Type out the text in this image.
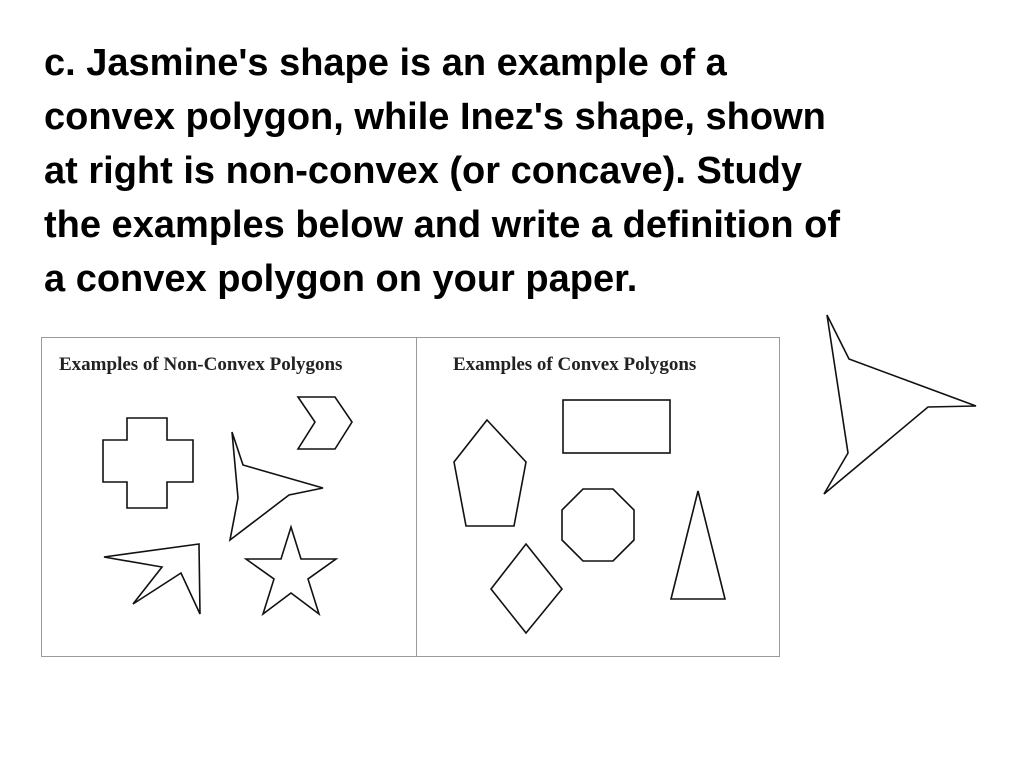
c. Jasmine's shape is an example of a
convex polygon, while Inez's shape, shown
at right is non-convex (or concave). Study
the examples below and write a definition of
a convex polygon on your paper.

Examples of Non-Convex Polygons	Examples of Convex Polygons
